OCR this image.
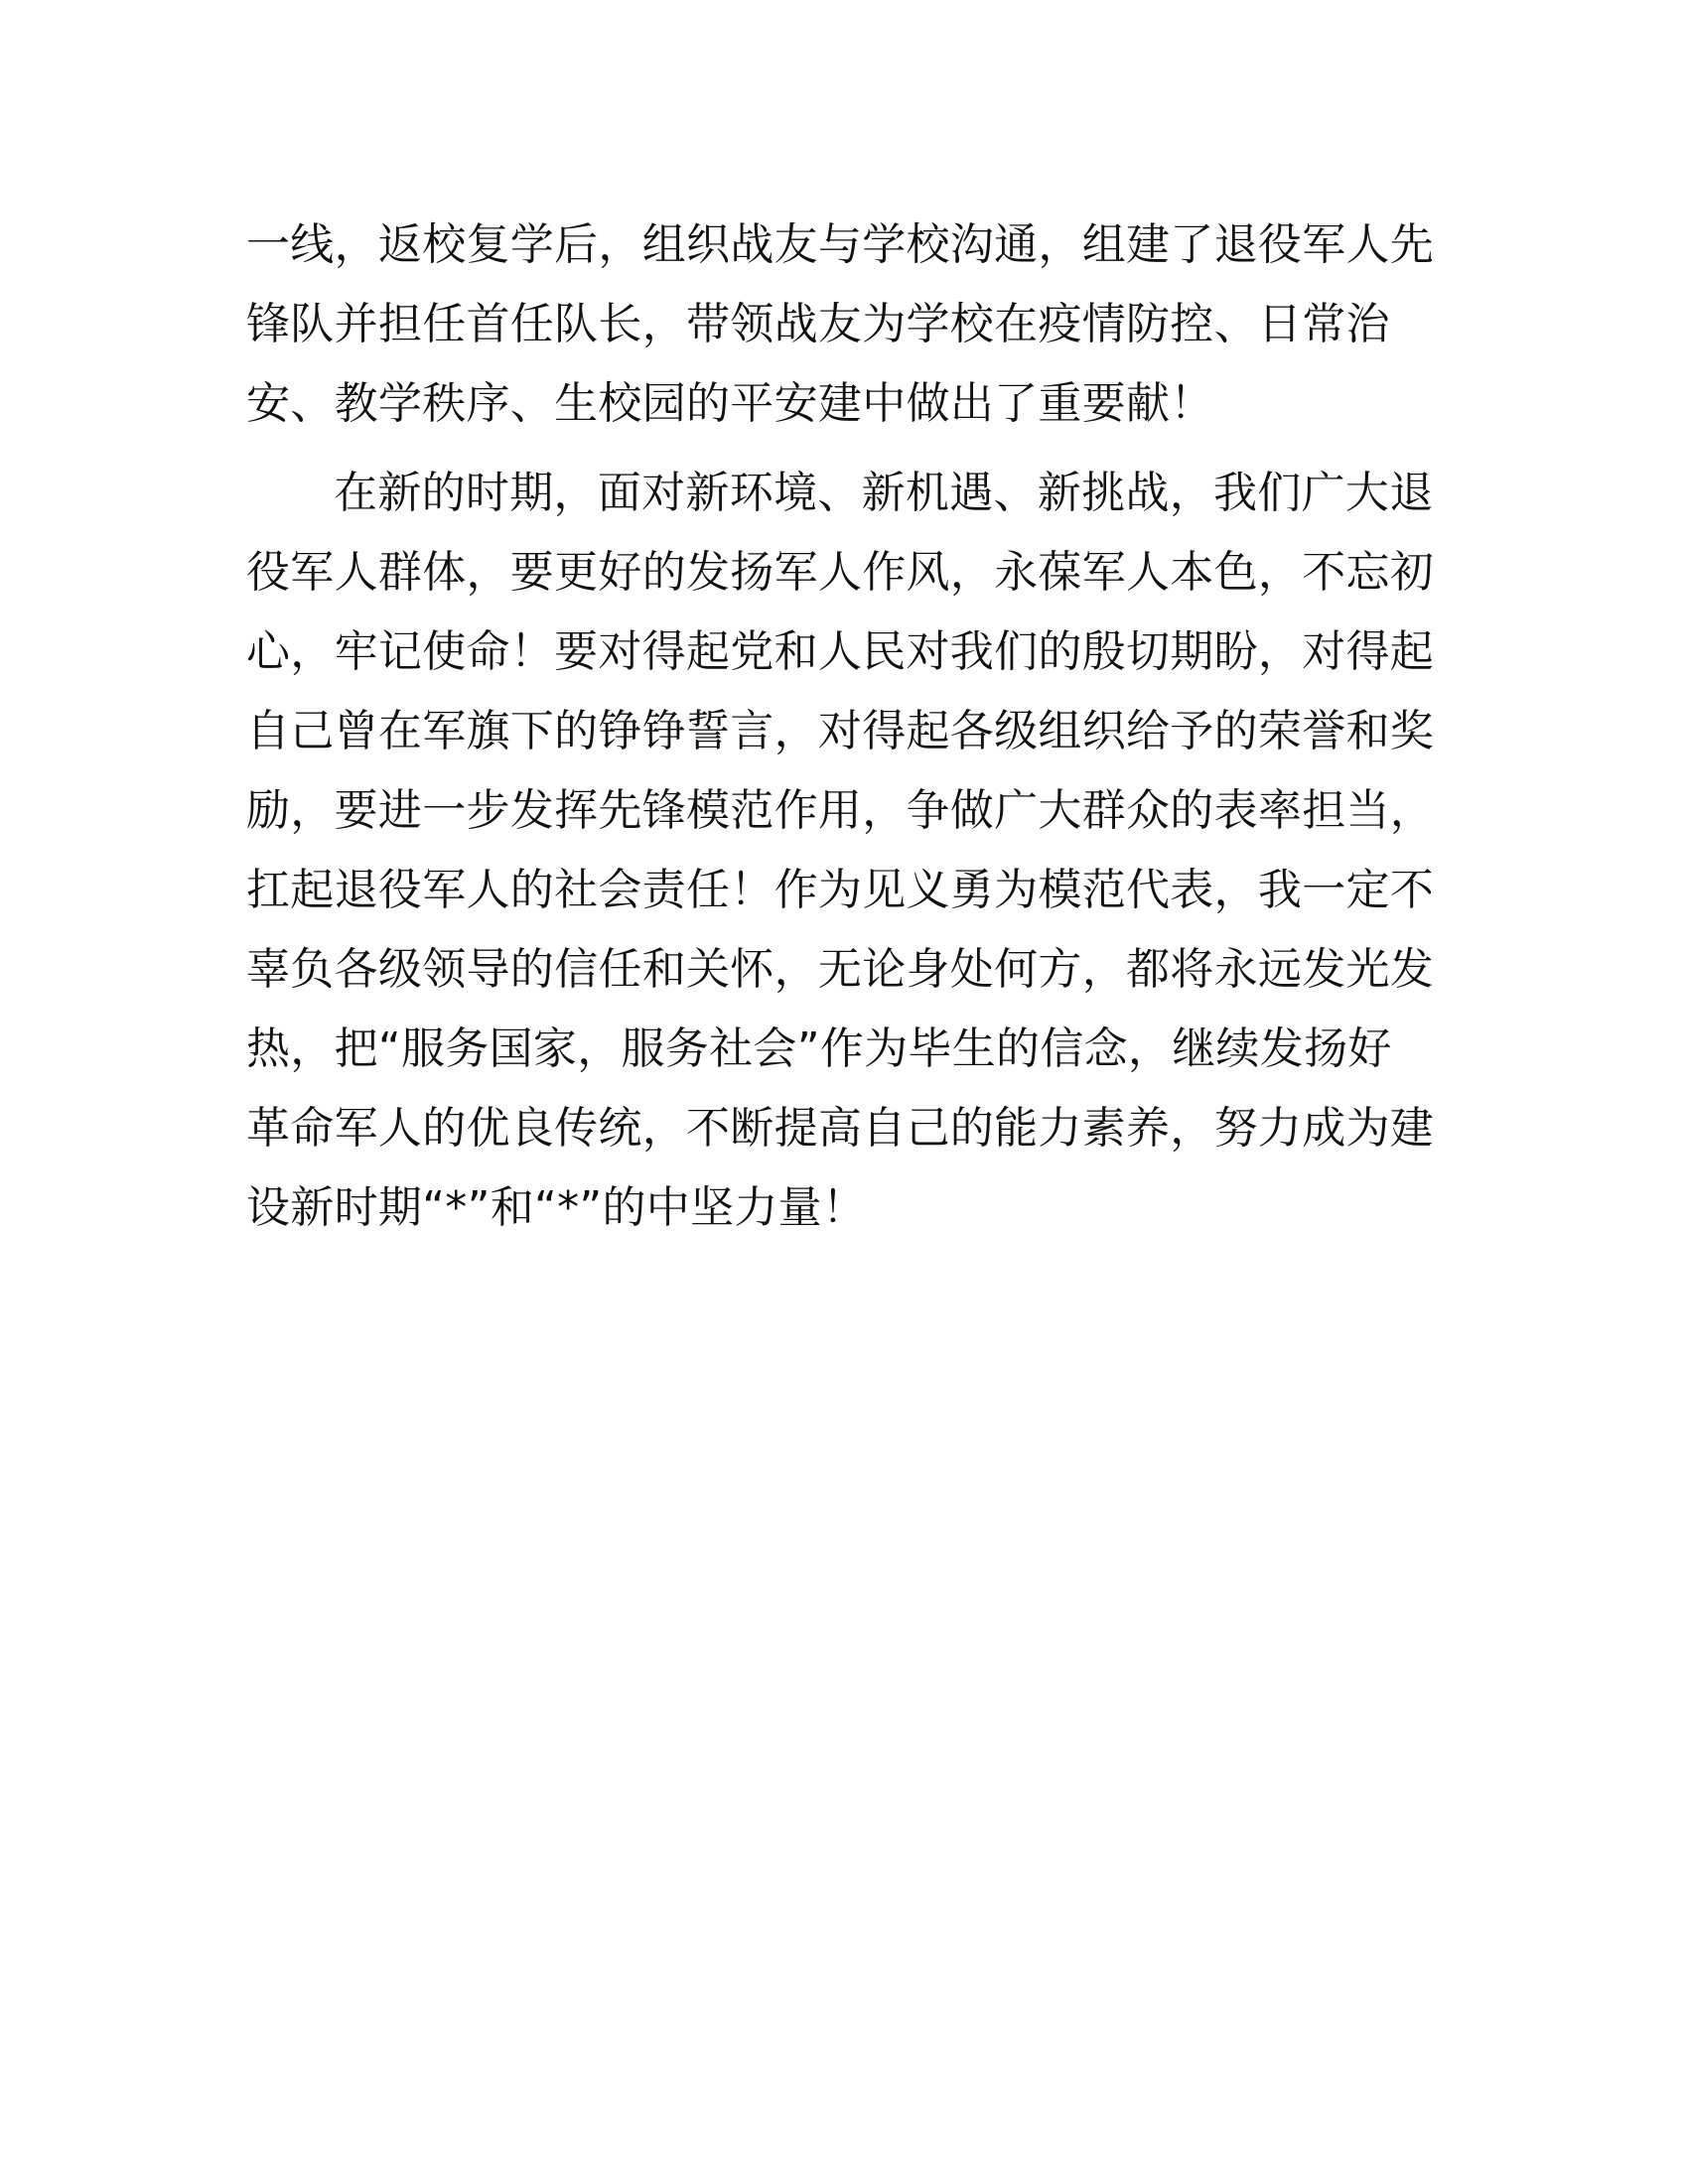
一线，返校复学后，组织战友与学校沟通，组建了退役军人先
锋队并担任首任队长，带领战友为学校在疫情防控、日常治
安、教学秩序、生校园的平安建中做出了重要献！
在新的时期，面对新环境、新机遇、新挑战，我们广大退
役军人群体，要更好的发扬军人作风，永葆军人本色，不忘初
心，牢记使命！要对得起党和人民对我们的殷切期盼，对得起
自己曾在军旗下的铮铮誓言，对得起各级组织给予的荣誉和奖
励，要进一步发挥先锋模范作用，争做广大群众的表率担当，
扛起退役军人的社会责任！作为见义勇为模范代表，我一定不
辜负各级领导的信任和关怀，无论身处何方，都将永远发光发
热，把“服务国家，服务社会”作为毕生的信念，继续发扬好
革命军人的优良传统，不断提高自己的能力素养，努力成为建
设新时期“*”和“*”的中坚力量！
